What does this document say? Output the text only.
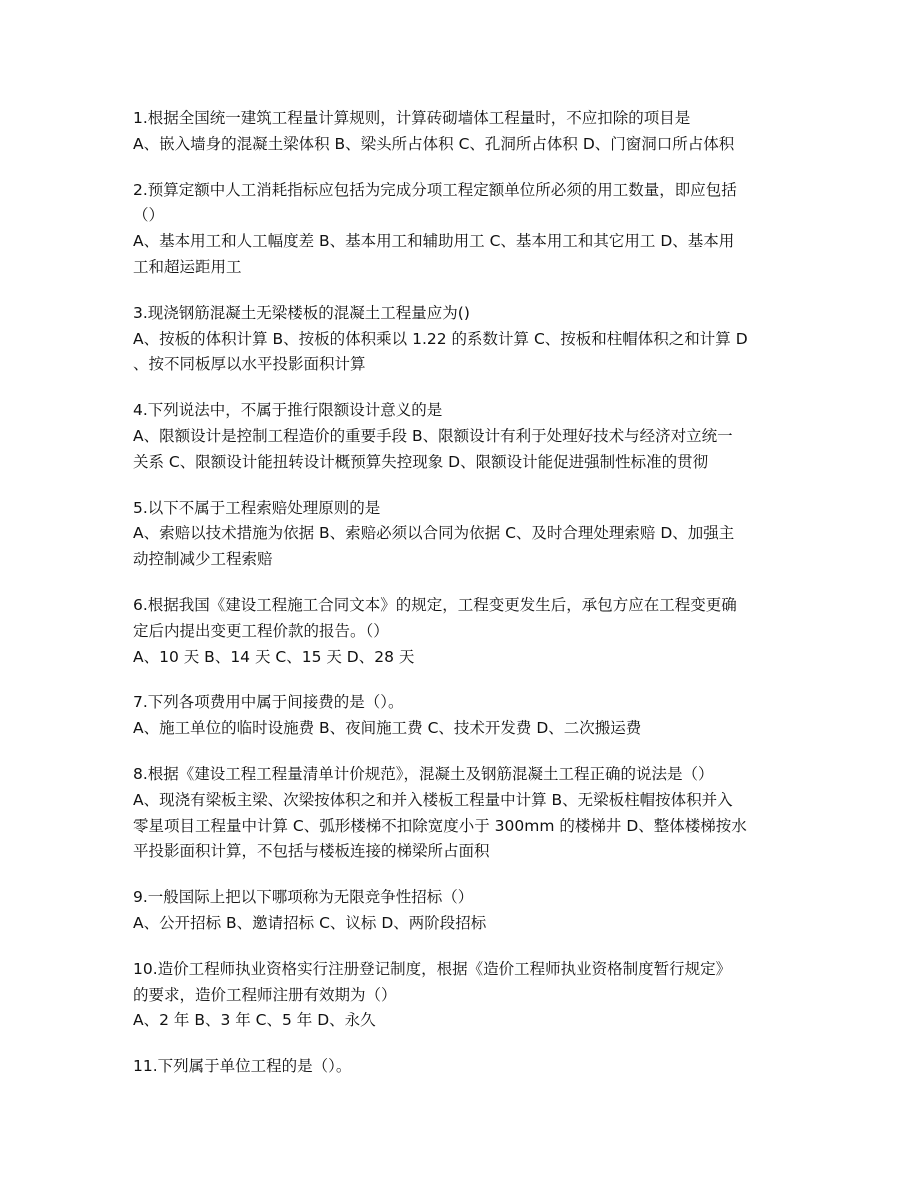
1.根据全国统一建筑工程量计算规则，计算砖砌墙体工程量时，不应扣除的项目是
A、嵌入墙身的混凝土梁体积 B、梁头所占体积 C、孔洞所占体积 D、门窗洞口所占体积
2.预算定额中人工消耗指标应包括为完成分项工程定额单位所必须的用工数量，即应包括
（）
A、基本用工和人工幅度差 B、基本用工和辅助用工 C、基本用工和其它用工 D、基本用
工和超运距用工
3.现浇钢筋混凝土无梁楼板的混凝土工程量应为()
A、按板的体积计算 B、按板的体积乘以 1.22 的系数计算 C、按板和柱帽体积之和计算 D
、按不同板厚以水平投影面积计算
4.下列说法中，不属于推行限额设计意义的是
A、限额设计是控制工程造价的重要手段 B、限额设计有利于处理好技术与经济对立统一
关系 C、限额设计能扭转设计概预算失控现象 D、限额设计能促进强制性标准的贯彻
5.以下不属于工程索赔处理原则的是
A、索赔以技术措施为依据 B、索赔必须以合同为依据 C、及时合理处理索赔 D、加强主
动控制减少工程索赔
6.根据我国《建设工程施工合同文本》的规定，工程变更发生后，承包方应在工程变更确
定后内提出变更工程价款的报告。（）
A、10 天 B、14 天 C、15 天 D、28 天
7.下列各项费用中属于间接费的是（）。
A、施工单位的临时设施费 B、夜间施工费 C、技术开发费 D、二次搬运费
8.根据《建设工程工程量清单计价规范》，混凝土及钢筋混凝土工程正确的说法是（）
A、现浇有梁板主梁、次梁按体积之和并入楼板工程量中计算 B、无梁板柱帽按体积并入
零星项目工程量中计算 C、弧形楼梯不扣除宽度小于 300mm 的楼梯井 D、整体楼梯按水
平投影面积计算，不包括与楼板连接的梯梁所占面积
9.一般国际上把以下哪项称为无限竞争性招标（）
A、公开招标 B、邀请招标 C、议标 D、两阶段招标
10.造价工程师执业资格实行注册登记制度，根据《造价工程师执业资格制度暂行规定》
的要求，造价工程师注册有效期为（）
A、2 年 B、3 年 C、5 年 D、永久
11.下列属于单位工程的是（）。
